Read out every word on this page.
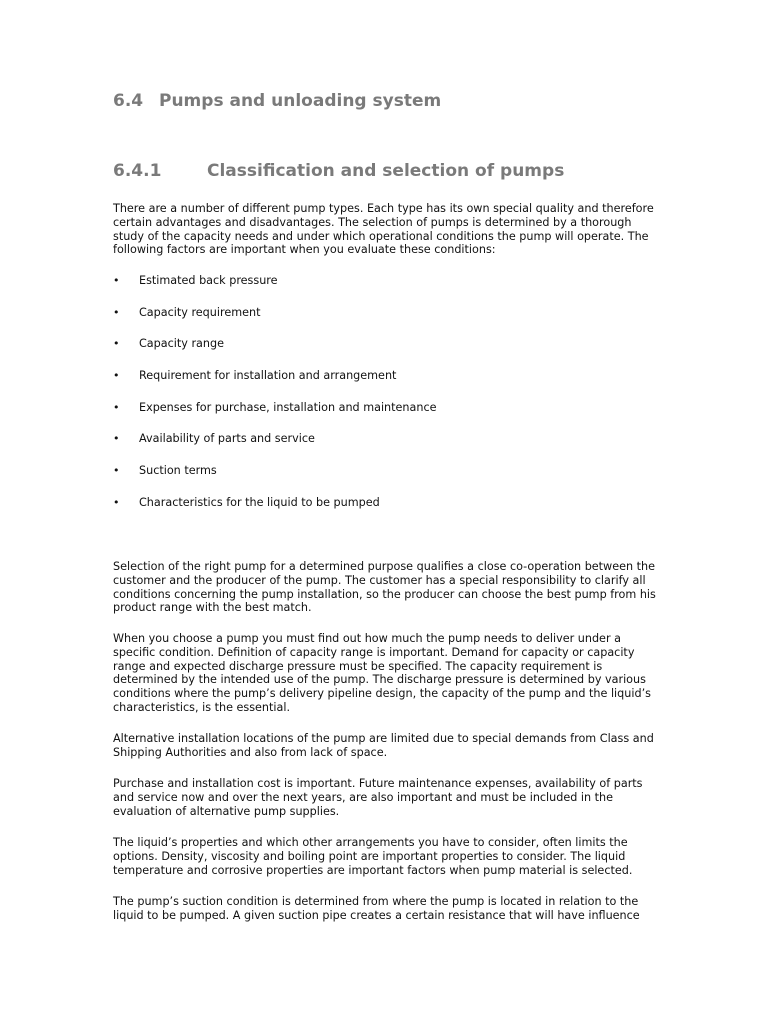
6.4 Pumps and unloading system
6.4.1	Classification and selection of pumps

There are a number of different pump types. Each type has its own special quality and therefore certain advantages and disadvantages. The selection of pumps is determined by a thorough study of the capacity needs and under which operational conditions the pump will operate. The following factors are important when you evaluate these conditions:

• Estimated back pressure
• Capacity requirement
• Capacity range
• Requirement for installation and arrangement
• Expenses for purchase, installation and maintenance
• Availability of parts and service
• Suction terms
• Characteristics for the liquid to be pumped

Selection of the right pump for a determined purpose qualifies a close co-operation between the customer and the producer of the pump. The customer has a special responsibility to clarify all conditions concerning the pump installation, so the producer can choose the best pump from his product range with the best match.

When you choose a pump you must find out how much the pump needs to deliver under a specific condition. Definition of capacity range is important. Demand for capacity or capacity range and expected discharge pressure must be specified. The capacity requirement is determined by the intended use of the pump. The discharge pressure is determined by various conditions where the pump’s delivery pipeline design, the capacity of the pump and the liquid’s characteristics, is the essential.

Alternative installation locations of the pump are limited due to special demands from Class and Shipping Authorities and also from lack of space.

Purchase and installation cost is important. Future maintenance expenses, availability of parts and service now and over the next years, are also important and must be included in the evaluation of alternative pump supplies.

The liquid’s properties and which other arrangements you have to consider, often limits the options. Density, viscosity and boiling point are important properties to consider. The liquid temperature and corrosive properties are important factors when pump material is selected.

The pump’s suction condition is determined from where the pump is located in relation to the liquid to be pumped. A given suction pipe creates a certain resistance that will have influence
